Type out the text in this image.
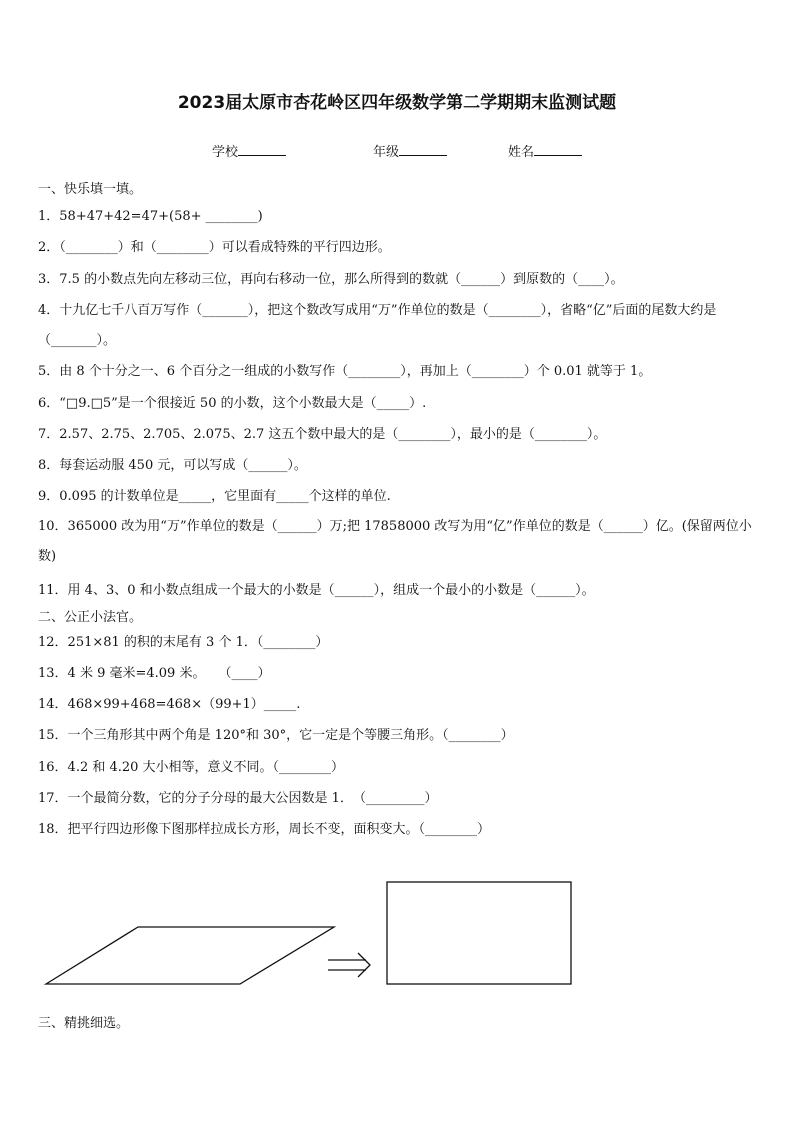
2023届太原市杏花岭区四年级数学第二学期期末监测试题
学校	年级	姓名
一、快乐填一填。
1．58+47+42=47+(58+ ________)
2．（________）和（________）可以看成特殊的平行四边形。
3．7.5 的小数点先向左移动三位，再向右移动一位，那么所得到的数就（______）到原数的（____）。
4．十九亿七千八百万写作（_______），把这个数改写成用“万”作单位的数是（________），省略“亿”后面的尾数大约是（_______）。
5．由 8 个十分之一、6 个百分之一组成的小数写作（________），再加上（________）个 0.01 就等于 1。
6．“□9.□5”是一个很接近 50 的小数，这个小数最大是（_____）.
7．2.57、2.75、2.705、2.075、2.7 这五个数中最大的是（________），最小的是（________）。
8．每套运动服 450 元，可以写成（______）。
9．0.095 的计数单位是_____，它里面有_____个这样的单位.
10．365000 改为用“万”作单位的数是（______）万;把 17858000 改写为用“亿”作单位的数是（______）亿。(保留两位小数)
11．用 4、3、0 和小数点组成一个最大的小数是（______），组成一个最小的小数是（______）。
二、公正小法官。
12．251×81 的积的末尾有 3 个 1．（________）
13．4 米 9 毫米=4.09 米。　　（____）
14．468×99+468=468×（99+1）_____.
15．一个三角形其中两个角是 120°和 30°，它一定是个等腰三角形。（________）
16．4.2 和 4.20 大小相等，意义不同。（________）
17．一个最简分数，它的分子分母的最大公因数是 1．　（_________）
18．把平行四边形像下图那样拉成长方形，周长不变，面积变大。（________）
三、精挑细选。
